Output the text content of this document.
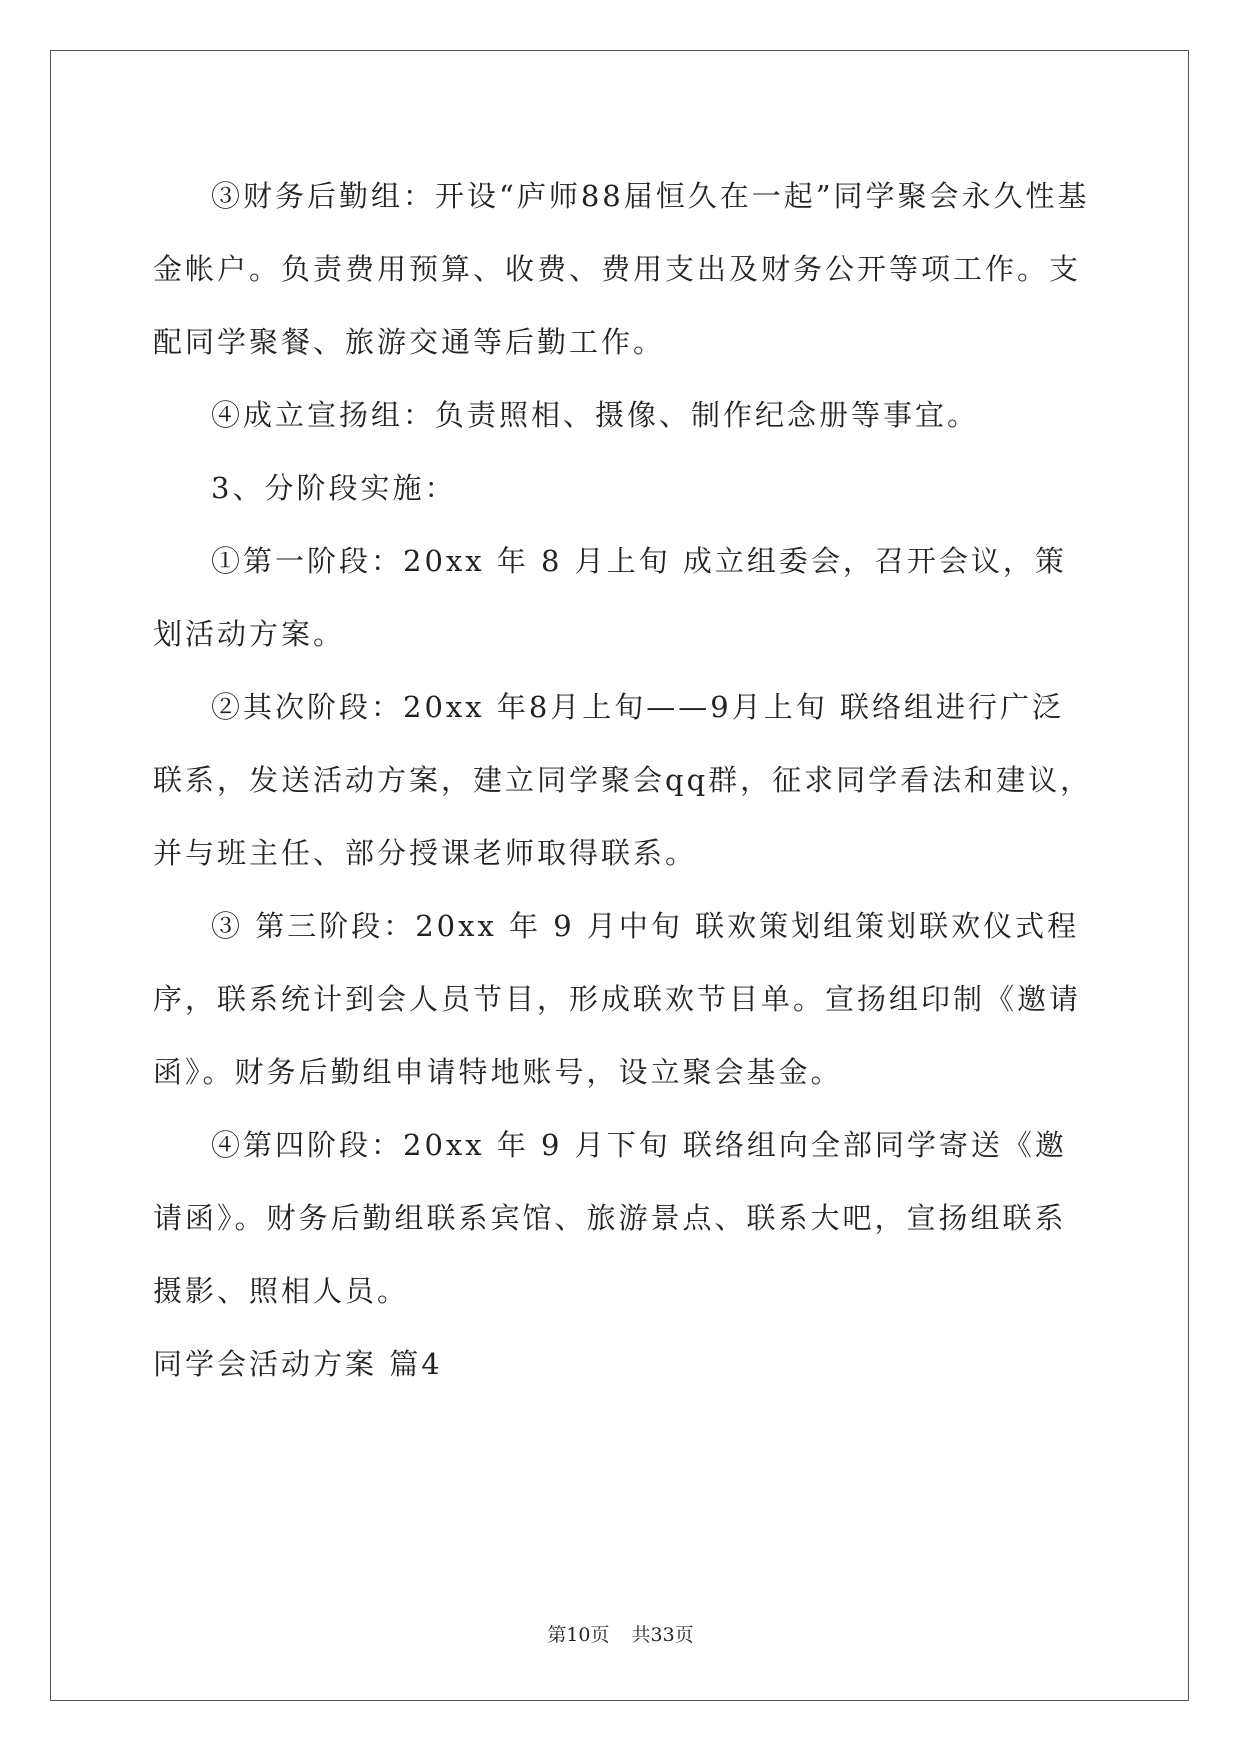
③财务后勤组：开设“庐师88届恒久在一起”同学聚会永久性基金帐户。负责费用预算、收费、费用支出及财务公开等项工作。支配同学聚餐、旅游交通等后勤工作。

④成立宣扬组：负责照相、摄像、制作纪念册等事宜。

3、分阶段实施：

①第一阶段：20xx 年 8 月上旬 成立组委会，召开会议，策划活动方案。

②其次阶段：20xx 年8月上旬——9月上旬 联络组进行广泛联系，发送活动方案，建立同学聚会qq群，征求同学看法和建议，并与班主任、部分授课老师取得联系。

③ 第三阶段：20xx 年 9 月中旬 联欢策划组策划联欢仪式程序，联系统计到会人员节目，形成联欢节目单。宣扬组印制《邀请函》。财务后勤组申请特地账号，设立聚会基金。

④第四阶段：20xx 年 9 月下旬 联络组向全部同学寄送《邀请函》。财务后勤组联系宾馆、旅游景点、联系大吧，宣扬组联系摄影、照相人员。

同学会活动方案 篇4

第10页 共33页
